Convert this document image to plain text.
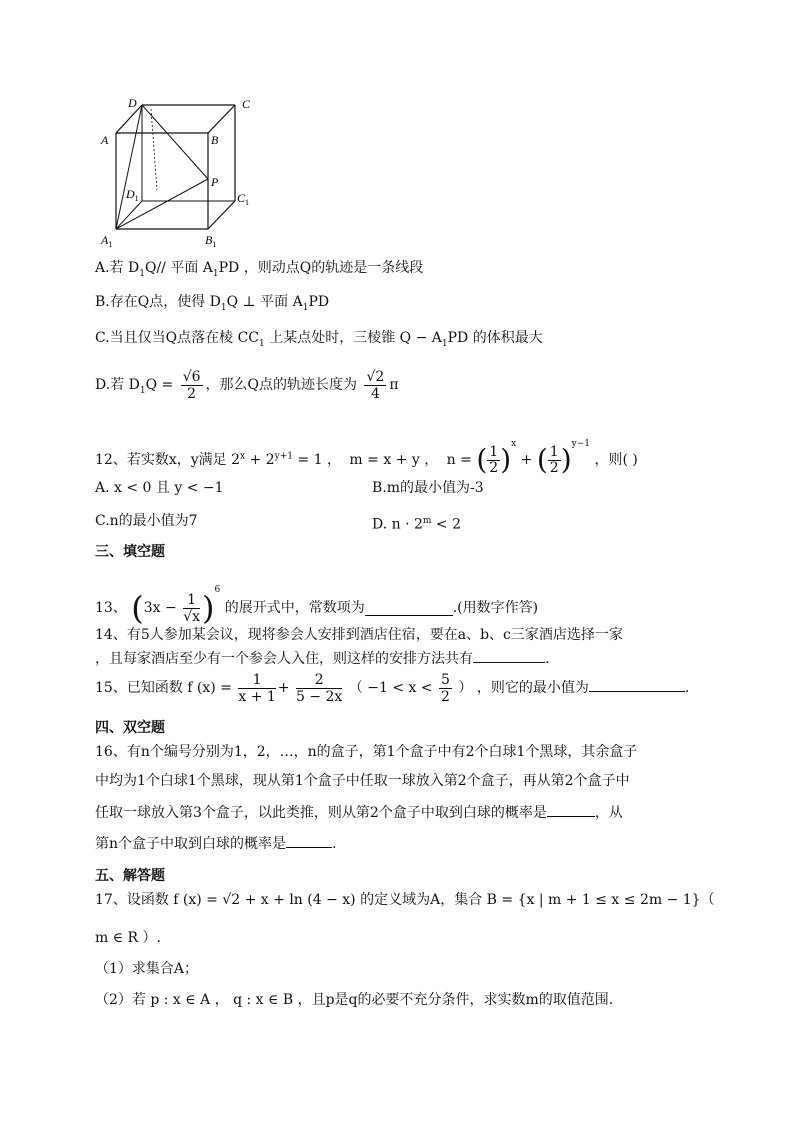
D	C
A	B
P
$D_1$	$C_1$
$A_1$	$B_1$
A.若 $D_1Q//$ 平面 $A_1PD$ ，则动点Q的轨迹是一条线段
B.存在Q点，使得 $D_1Q$ ⊥ 平面 $A_1PD$
C.当且仅当Q点落在棱 $CC_1$ 上某点处时，三棱锥 $Q - A_1PD$ 的体积最大
D.若 $D_1Q = \frac{√6}{2}$ ，那么Q点的轨迹长度为 $\frac{√2}{4}$ π
12、若实数x，y满足 $2^x + 2^{y+1} = 1$ ， m = x + y ， n = ( $\frac{1}{2} )^x$ + ( $\frac{1}{2} )^{y-1}$ ，则( )
A. x < 0 且 y < −1	B.m的最小值为-3
C.n的最小值为7	D. $n \cdot 2^m < 2$
三、填空题
13、 $(3x - \frac{1}{√x} )^6$ 的展开式中，常数项为	.(用数字作答)
14、有5人参加某会议，现将参会人安排到酒店住宿，要在a、b、c三家酒店选择一家
，且每家酒店至少有一个参会人入住，则这样的安排方法共有	.
15、已知函数 f $(x) = \frac{1}{x + 1} + \frac{2}{5 - 2x}$ （ $-1 < x < \frac{5}{2}$ ） ，则它的最小值为	.
四、双空题
16、有n个编号分别为1，2，…，n的盒子，第1个盒子中有2个白球1个黑球，其余盒子
中均为1个白球1个黑球，现从第1个盒子中任取一球放入第2个盒子，再从第2个盒子中
任取一球放入第3个盒子，以此类推，则从第2个盒子中取到白球的概率是	，从
第n个盒子中取到白球的概率是	.
五、解答题
17、设函数 f (x) = √2 + x + ln (4 − x) 的定义域为A，集合 B = {x | m + 1 ≤ x ≤ 2m − 1}（
m ∈ R ）.
（1）求集合A；
（2）若 p : x ∈ A ， q : x ∈ B ，且p是q的必要不充分条件，求实数m的取值范围.
